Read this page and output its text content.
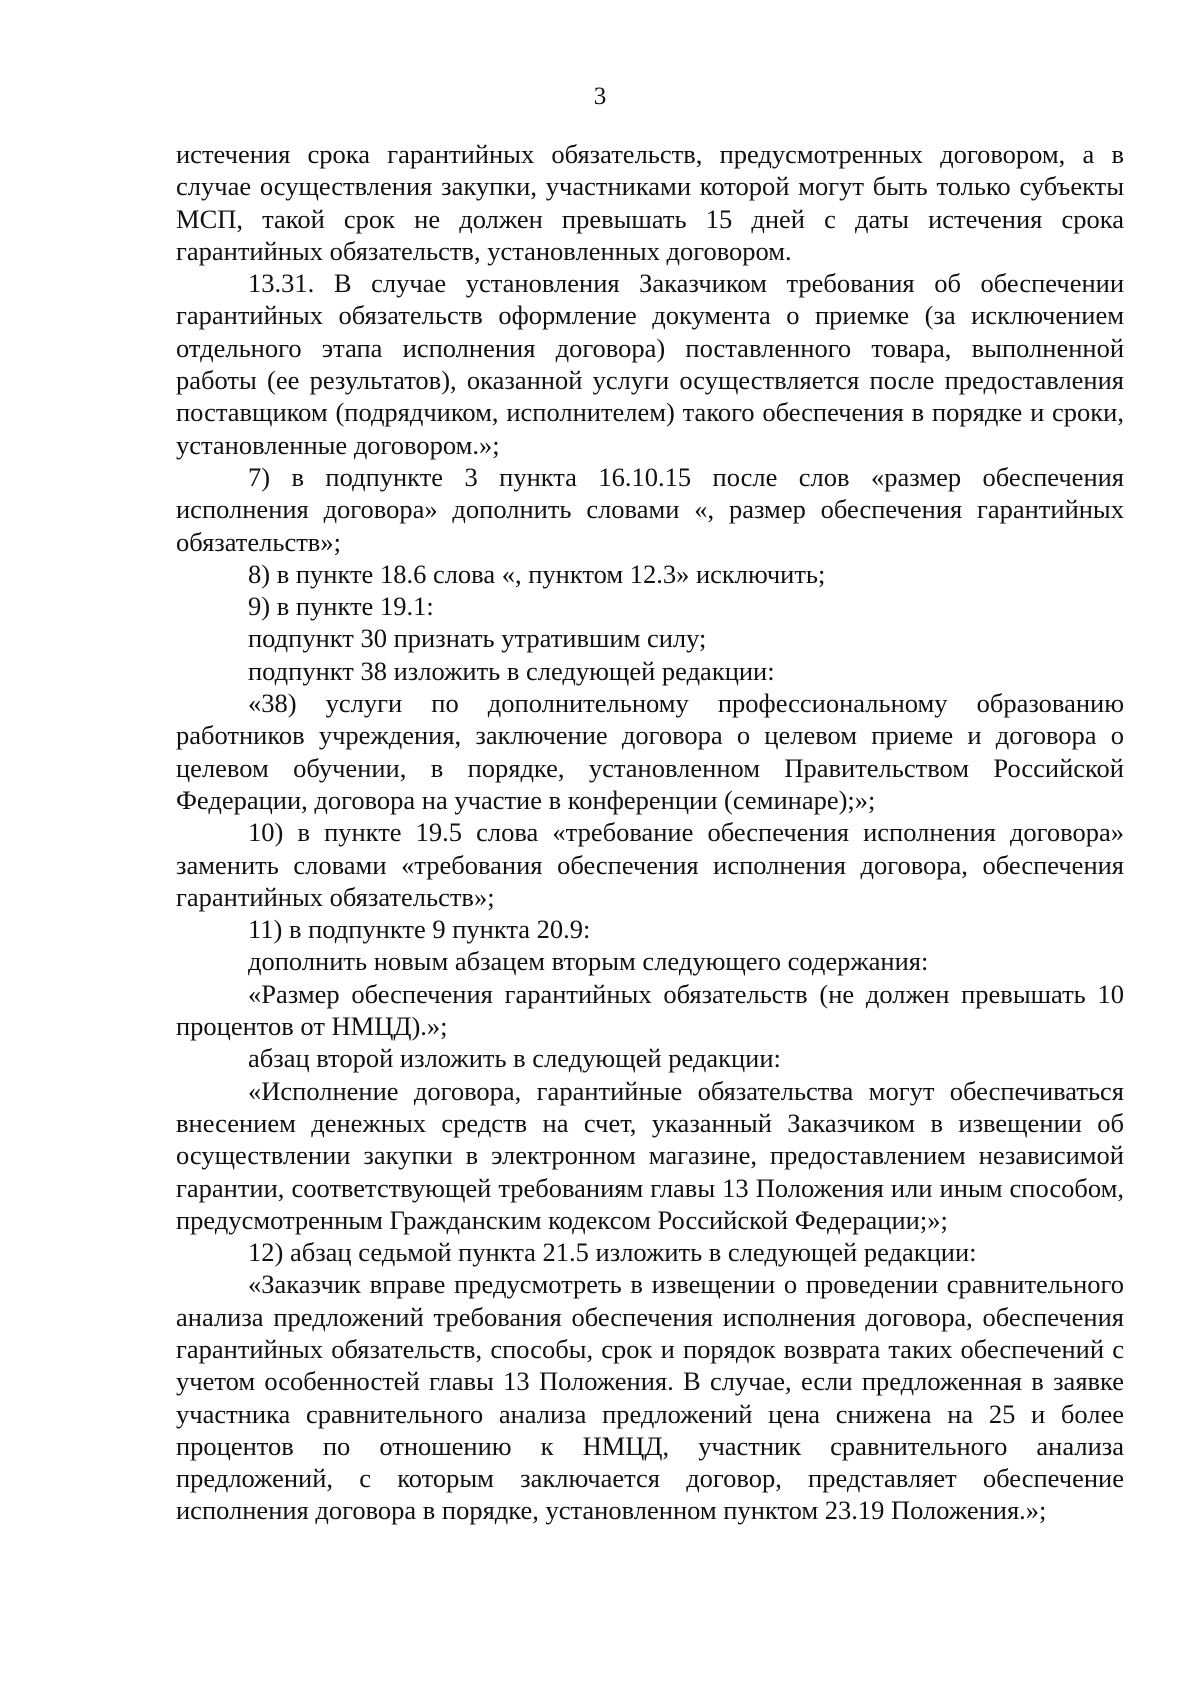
3

истечения срока гарантийных обязательств, предусмотренных договором, а в случае осуществления закупки, участниками которой могут быть только субъекты МСП, такой срок не должен превышать 15 дней с даты истечения срока гарантийных обязательств, установленных договором.

13.31. В случае установления Заказчиком требования об обеспечении гарантийных обязательств оформление документа о приемке (за исключением отдельного этапа исполнения договора) поставленного товара, выполненной работы (ее результатов), оказанной услуги осуществляется после предоставления поставщиком (подрядчиком, исполнителем) такого обеспечения в порядке и сроки, установленные договором.»;

7) в подпункте 3 пункта 16.10.15 после слов «размер обеспечения исполнения договора» дополнить словами «, размер обеспечения гарантийных обязательств»;

8) в пункте 18.6 слова «, пунктом 12.3» исключить;

9) в пункте 19.1:

подпункт 30 признать утратившим силу;

подпункт 38 изложить в следующей редакции:

«38) услуги по дополнительному профессиональному образованию работников учреждения, заключение договора о целевом приеме и договора о целевом обучении, в порядке, установленном Правительством Российской Федерации, договора на участие в конференции (семинаре);»;

10) в пункте 19.5 слова «требование обеспечения исполнения договора» заменить словами «требования обеспечения исполнения договора, обеспечения гарантийных обязательств»;

11) в подпункте 9 пункта 20.9:

дополнить новым абзацем вторым следующего содержания:

«Размер обеспечения гарантийных обязательств (не должен превышать 10 процентов от НМЦД).»;

абзац второй изложить в следующей редакции:

«Исполнение договора, гарантийные обязательства могут обеспечиваться внесением денежных средств на счет, указанный Заказчиком в извещении об осуществлении закупки в электронном магазине, предоставлением независимой гарантии, соответствующей требованиям главы 13 Положения или иным способом, предусмотренным Гражданским кодексом Российской Федерации;»;

12) абзац седьмой пункта 21.5 изложить в следующей редакции:

«Заказчик вправе предусмотреть в извещении о проведении сравнительного анализа предложений требования обеспечения исполнения договора, обеспечения гарантийных обязательств, способы, срок и порядок возврата таких обеспечений с учетом особенностей главы 13 Положения. В случае, если предложенная в заявке участника сравнительного анализа предложений цена снижена на 25 и более процентов по отношению к НМЦД, участник сравнительного анализа предложений, с которым заключается договор, представляет обеспечение исполнения договора в порядке, установленном пунктом 23.19 Положения.»;
